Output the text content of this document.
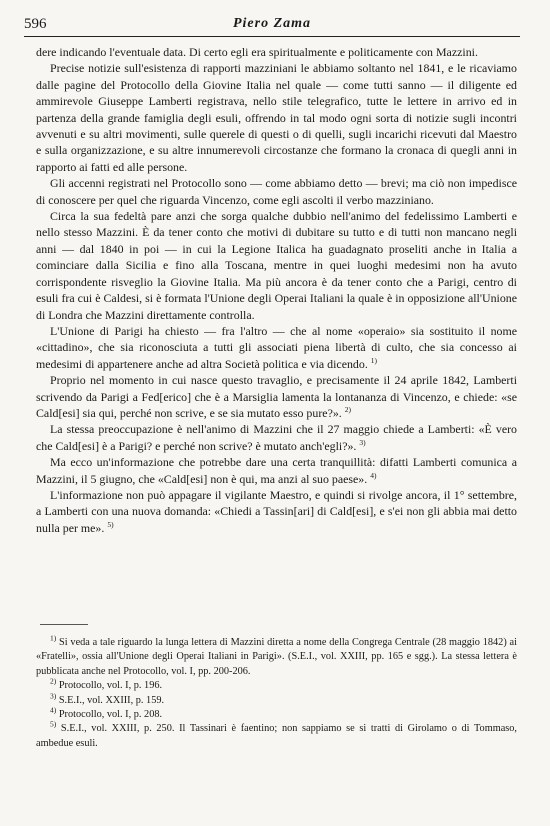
596	Piero Zama

dere indicando l'eventuale data. Di certo egli era spiritualmente e politicamente con Mazzini.

Precise notizie sull'esistenza di rapporti mazziniani le abbiamo soltanto nel 1841, e le ricaviamo dalle pagine del Protocollo della Giovine Italia nel quale — come tutti sanno — il diligente ed ammirevole Giuseppe Lamberti registrava, nello stile telegrafico, tutte le lettere in arrivo ed in partenza della grande famiglia degli esuli, offrendo in tal modo ogni sorta di notizie sugli incontri avvenuti e su altri movimenti, sulle querele di questi o di quelli, sugli incarichi ricevuti dal Maestro e sulla organizzazione, e su altre innumerevoli circostanze che formano la cronaca di quegli anni in rapporto ai fatti ed alle persone.

Gli accenni registrati nel Protocollo sono — come abbiamo detto — brevi; ma ciò non impedisce di conoscere per quel che riguarda Vincenzo, come egli ascolti il verbo mazziniano.

Circa la sua fedeltà pare anzi che sorga qualche dubbio nell'animo del fedelissimo Lamberti e nello stesso Mazzini. È da tener conto che motivi di dubitare su tutto e di tutti non mancano negli anni — dal 1840 in poi — in cui la Legione Italica ha guadagnato proseliti anche in Italia a cominciare dalla Sicilia e fino alla Toscana, mentre in quei luoghi medesimi non ha avuto corrispondente risveglio la Giovine Italia. Ma più ancora è da tener conto che a Parigi, centro di esuli fra cui è Caldesi, si è formata l'Unione degli Operai Italiani la quale è in opposizione all'Unione di Londra che Mazzini direttamente controlla.

L'Unione di Parigi ha chiesto — fra l'altro — che al nome «operaio» sia sostituito il nome «cittadino», che sia riconosciuta a tutti gli associati piena libertà di culto, che sia concesso ai medesimi di appartenere anche ad altra Società politica e via dicendo. $^{1)}$

Proprio nel momento in cui nasce questo travaglio, e precisamente il 24 aprile 1842, Lamberti scrivendo da Parigi a Fed[erico] che è a Marsiglia lamenta la lontananza di Vincenzo, e chiede: «se Cald[esi] sia qui, perché non scrive, e se sia mutato esso pure?». $^{2)}$

La stessa preoccupazione è nell'animo di Mazzini che il 27 maggio chiede a Lamberti: «È vero che Cald[esi] è a Parigi? e perché non scrive? è mutato anch'egli?». $^{3)}$

Ma ecco un'informazione che potrebbe dare una certa tranquillità: difatti Lamberti comunica a Mazzini, il 5 giugno, che «Cald[esi] non è qui, ma anzi al suo paese». $^{4)}$

L'informazione non può appagare il vigilante Maestro, e quindi si rivolge ancora, il 1° settembre, a Lamberti con una nuova domanda: «Chiedi a Tassin[ari] di Cald[esi], e s'ei non gli abbia mai detto nulla per me». $^{5)}$

$^{1)}$ Si veda a tale riguardo la lunga lettera di Mazzini diretta a nome della Congrega Centrale (28 maggio 1842) ai «Fratelli», ossia all'Unione degli Operai Italiani in Parigi». (S.E.I., vol. XXIII, pp. 165 e sgg.). La stessa lettera è pubblicata anche nel Protocollo, vol. I, pp. 200-206.

$^{2)}$ Protocollo, vol. I, p. 196.

$^{3)}$ S.E.I., vol. XXIII, p. 159.

$^{4)}$ Protocollo, vol. I, p. 208.

$^{5)}$ S.E.I., vol. XXIII, p. 250. Il Tassinari è faentino; non sappiamo se si tratti di Girolamo o di Tommaso, ambedue esuli.
